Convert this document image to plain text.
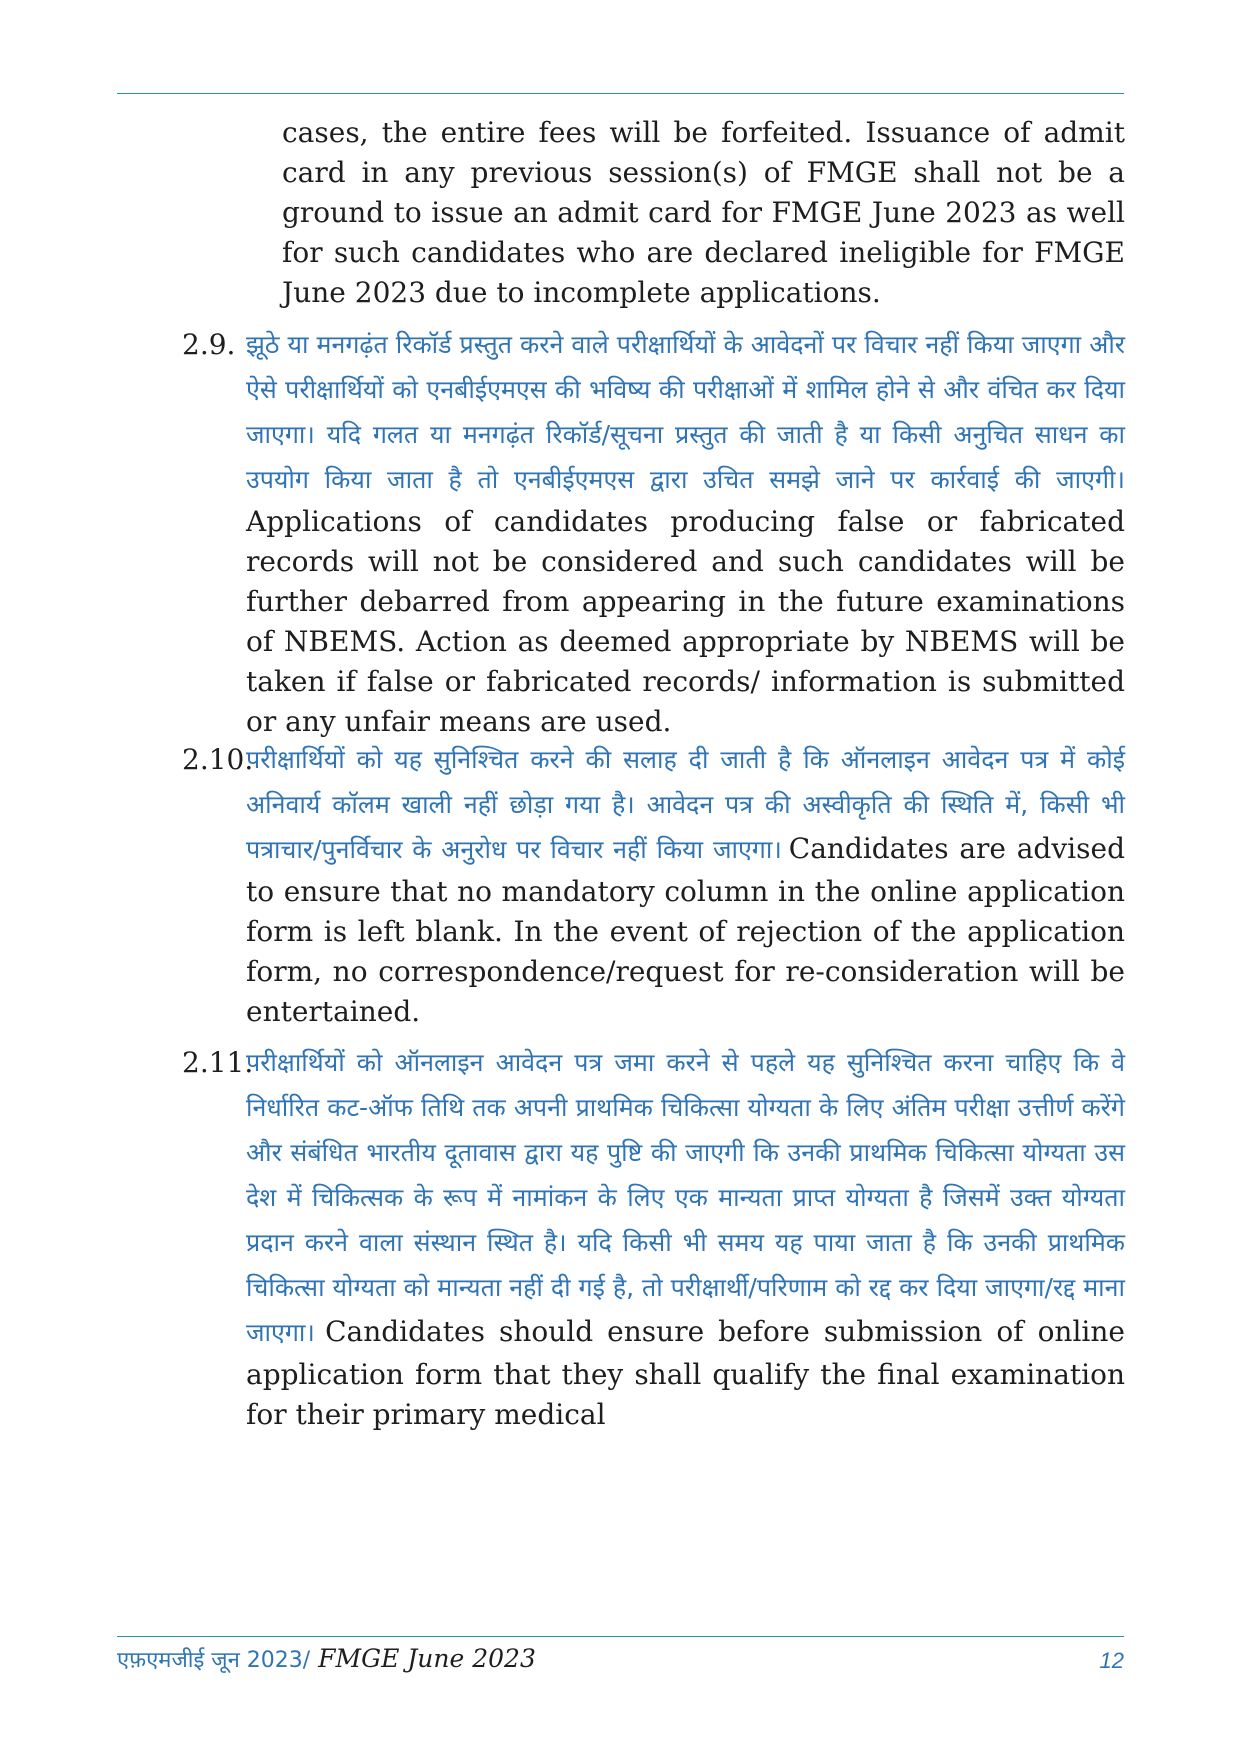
cases, the entire fees will be forfeited. Issuance of admit card in any previous session(s) of FMGE shall not be a ground to issue an admit card for FMGE June 2023 as well for such candidates who are declared ineligible for FMGE June 2023 due to incomplete applications.
2.9. झूठे या मनगढ़ंत रिकॉर्ड प्रस्तुत करने वाले परीक्षार्थियों के आवेदनों पर विचार नहीं किया जाएगा और ऐसे परीक्षार्थियों को एनबीईएमएस की भविष्य की परीक्षाओं में शामिल होने से और वंचित कर दिया जाएगा। यदि गलत या मनगढ़ंत रिकॉर्ड/सूचना प्रस्तुत की जाती है या किसी अनुचित साधन का उपयोग किया जाता है तो एनबीईएमएस द्वारा उचित समझे जाने पर कार्रवाई की जाएगी। Applications of candidates producing false or fabricated records will not be considered and such candidates will be further debarred from appearing in the future examinations of NBEMS. Action as deemed appropriate by NBEMS will be taken if false or fabricated records/ information is submitted or any unfair means are used.
2.10.
परीक्षार्थियों को यह सुनिश्चित करने की सलाह दी जाती है कि ऑनलाइन आवेदन पत्र में कोई अनिवार्य कॉलम खाली नहीं छोड़ा गया है। आवेदन पत्र की अस्वीकृति की स्थिति में, किसी भी पत्राचार/पुनर्विचार के अनुरोध पर विचार नहीं किया जाएगा। Candidates are advised to ensure that no mandatory column in the online application form is left blank. In the event of rejection of the application form, no correspondence/request for re-consideration will be entertained.
2.11.
परीक्षार्थियों को ऑनलाइन आवेदन पत्र जमा करने से पहले यह सुनिश्चित करना चाहिए कि वे निर्धारित कट-ऑफ तिथि तक अपनी प्राथमिक चिकित्सा योग्यता के लिए अंतिम परीक्षा उत्तीर्ण करेंगे और संबंधित भारतीय दूतावास द्वारा यह पुष्टि की जाएगी कि उनकी प्राथमिक चिकित्सा योग्यता उस देश में चिकित्सक के रूप में नामांकन के लिए एक मान्यता प्राप्त योग्यता है जिसमें उक्त योग्यता प्रदान करने वाला संस्थान स्थित है। यदि किसी भी समय यह पाया जाता है कि उनकी प्राथमिक चिकित्सा योग्यता को मान्यता नहीं दी गई है, तो परीक्षार्थी/परिणाम को रद्द कर दिया जाएगा/रद्द माना जाएगा। Candidates should ensure before submission of online application form that they shall qualify the final examination for their primary medical
एफ़एमजीई जून 2023/ FMGE June 2023	12
